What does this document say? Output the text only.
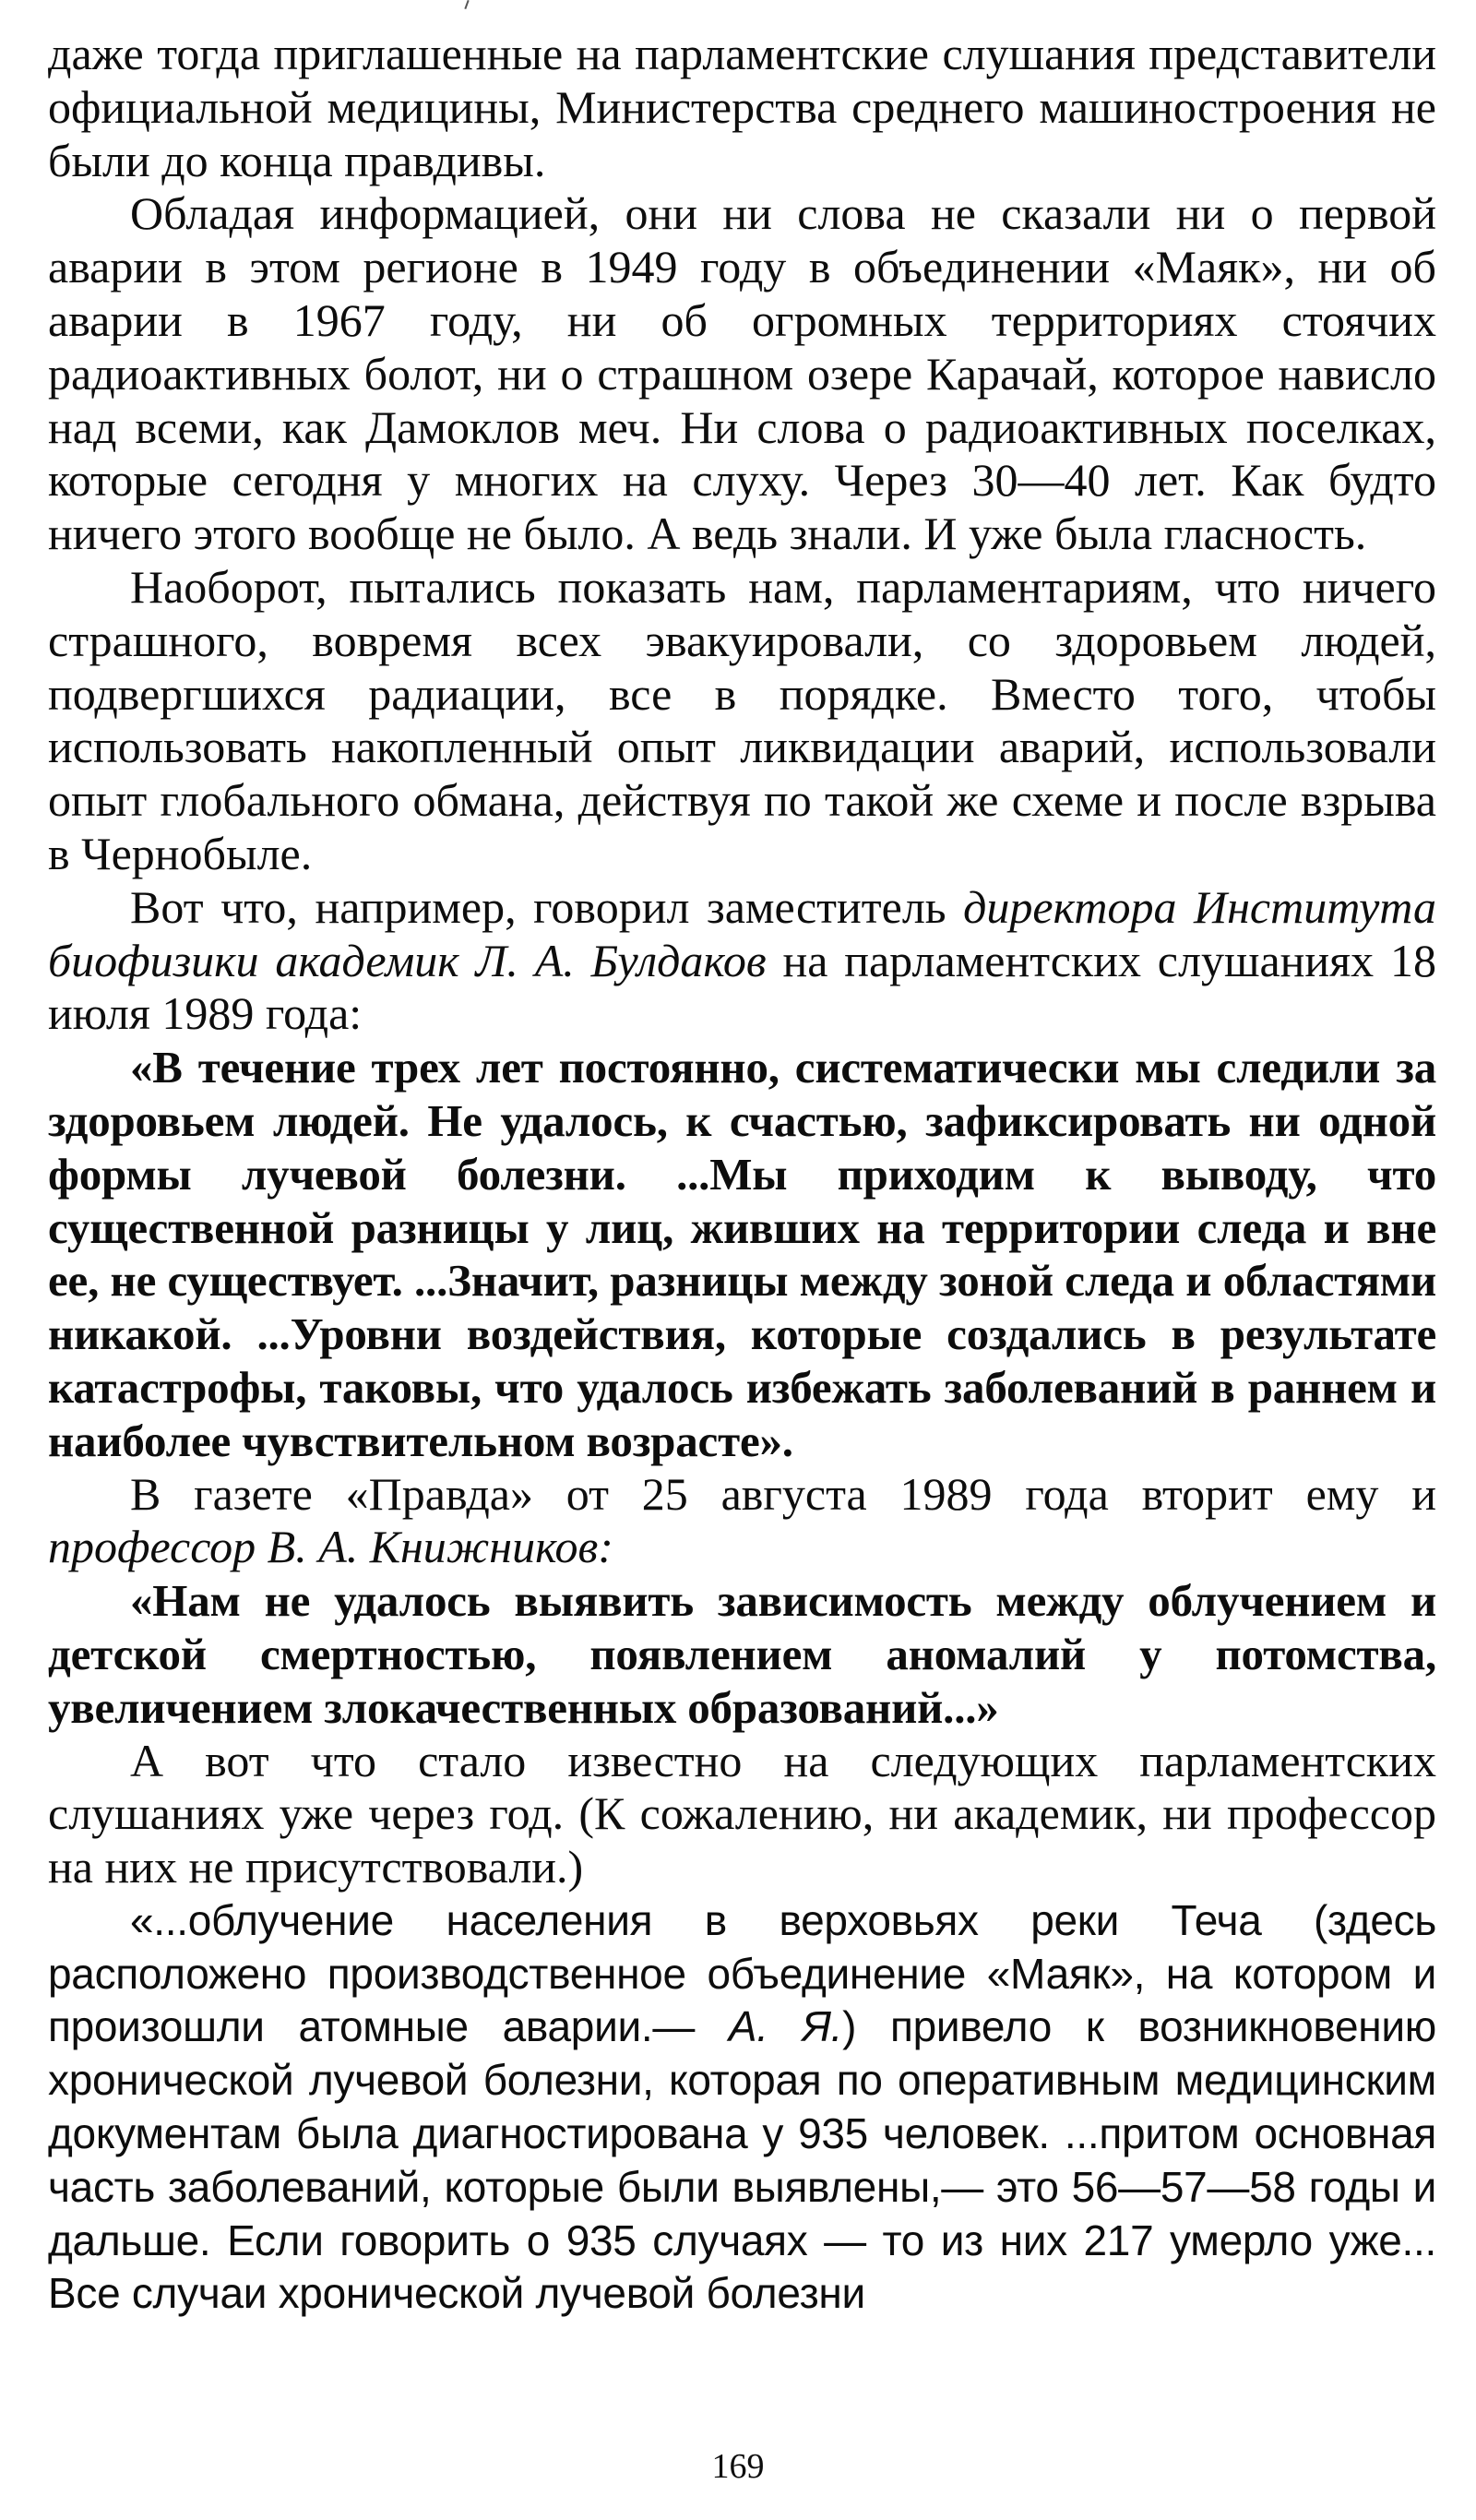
даже тогда приглашенные на парламентские слушания представители официальной медицины, Министерства среднего машиностроения не были до конца правдивы.

Обладая информацией, они ни слова не сказали ни о первой аварии в этом регионе в 1949 году в объединении «Маяк», ни об аварии в 1967 году, ни об огромных территориях стоячих радиоактивных болот, ни о страшном озере Карачай, которое нависло над всеми, как Дамоклов меч. Ни слова о радиоактивных поселках, которые сегодня у многих на слуху. Через 30—40 лет. Как будто ничего этого вообще не было. А ведь знали. И уже была гласность.

Наоборот, пытались показать нам, парламентариям, что ничего страшного, вовремя всех эвакуировали, со здоровьем людей, подвергшихся радиации, все в порядке. Вместо того, чтобы использовать накопленный опыт ликвидации аварий, использовали опыт глобального обмана, действуя по такой же схеме и после взрыва в Чернобыле.

Вот что, например, говорил заместитель директора Института биофизики академик Л. А. Булдаков на парламентских слушаниях 18 июля 1989 года:

«В течение трех лет постоянно, систематически мы следили за здоровьем людей. Не удалось, к счастью, зафиксировать ни одной формы лучевой болезни. ...Мы приходим к выводу, что существенной разницы у лиц, живших на территории следа и вне ее, не существует. ...Значит, разницы между зоной следа и областями никакой. ...Уровни воздействия, которые создались в результате катастрофы, таковы, что удалось избежать заболеваний в раннем и наиболее чувствительном возрасте».

В газете «Правда» от 25 августа 1989 года вторит ему и профессор В. А. Книжников:

«Нам не удалось выявить зависимость между облучением и детской смертностью, появлением аномалий у потомства, увеличением злокачественных образований...»

А вот что стало известно на следующих парламентских слушаниях уже через год. (К сожалению, ни академик, ни профессор на них не присутствовали.)

«...облучение населения в верховьях реки Теча (здесь расположено производственное объединение «Маяк», на котором и произошли атомные аварии.— А. Я.) привело к возникновению хронической лучевой болезни, которая по оперативным медицинским документам была диагностирована у 935 человек. ...притом основная часть заболеваний, которые были выявлены,— это 56—57—58 годы и дальше. Если говорить о 935 случаях — то из них 217 умерло уже... Все случаи хронической лучевой болезни

169
